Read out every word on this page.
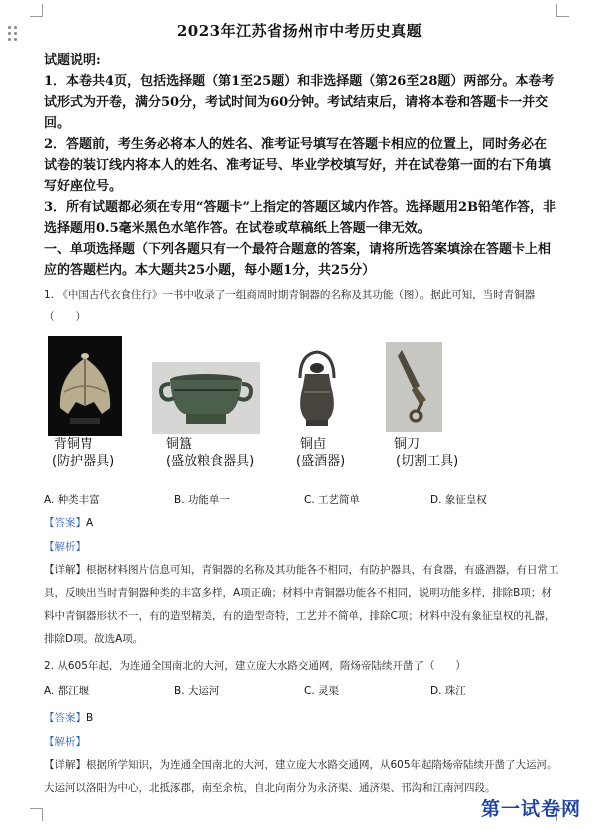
2023年江苏省扬州市中考历史真题

试题说明:

1．本卷共4页，包括选择题（第1至25题）和非选择题（第26至28题）两部分。本卷考试形式为开卷，满分50分，考试时间为60分钟。考试结束后，请将本卷和答题卡一并交回。

2．答题前，考生务必将本人的姓名、准考证号填写在答题卡相应的位置上，同时务必在试卷的装订线内将本人的姓名、准考证号、毕业学校填写好，并在试卷第一面的右下角填写好座位号。

3．所有试题都必须在专用“答题卡”上指定的答题区域内作答。选择题用2B铅笔作答，非选择题用0.5毫米黑色水笔作答。在试卷或草稿纸上答题一律无效。

一、单项选择题（下列各题只有一个最符合题意的答案，请将所选答案填涂在答题卡上相应的答题栏内。本大题共25小题，每小题1分，共25分）

1. 《中国古代衣食住行》一书中收录了一组商周时期青铜器的名称及其功能（图）。据此可知，当时青铜器（　　）

背铜胄
(防护器具)
铜簋
(盛放粮食器具)
铜卣
(盛酒器)
铜刀
(切割工具)
A. 种类丰富	B. 功能单一	C. 工艺简单	D. 象征皇权
【答案】A
【解析】

【详解】根据材料图片信息可知，青铜器的名称及其功能各不相同，有防护器具，有食器，有盛酒器，有日常工具，反映出当时青铜器种类的丰富多样，A项正确；材料中青铜器功能各不相同，说明功能多样，排除B项；材料中青铜器形状不一，有的造型精美，有的造型奇特，工艺并不简单，排除C项；材料中没有象征皇权的礼器，排除D项。故选A项。

2. 从605年起，为连通全国南北的大河，建立庞大水路交通网，隋炀帝陆续开凿了（　　）

A. 都江堰	B. 大运河	C. 灵渠	D. 珠江
【答案】B
【解析】

【详解】根据所学知识，为连通全国南北的大河，建立庞大水路交通网，从605年起隋炀帝陆续开凿了大运河。大运河以洛阳为中心，北抵涿郡，南至余杭，自北向南分为永济渠、通济渠、邗沟和江南河四段。

第一试卷网
